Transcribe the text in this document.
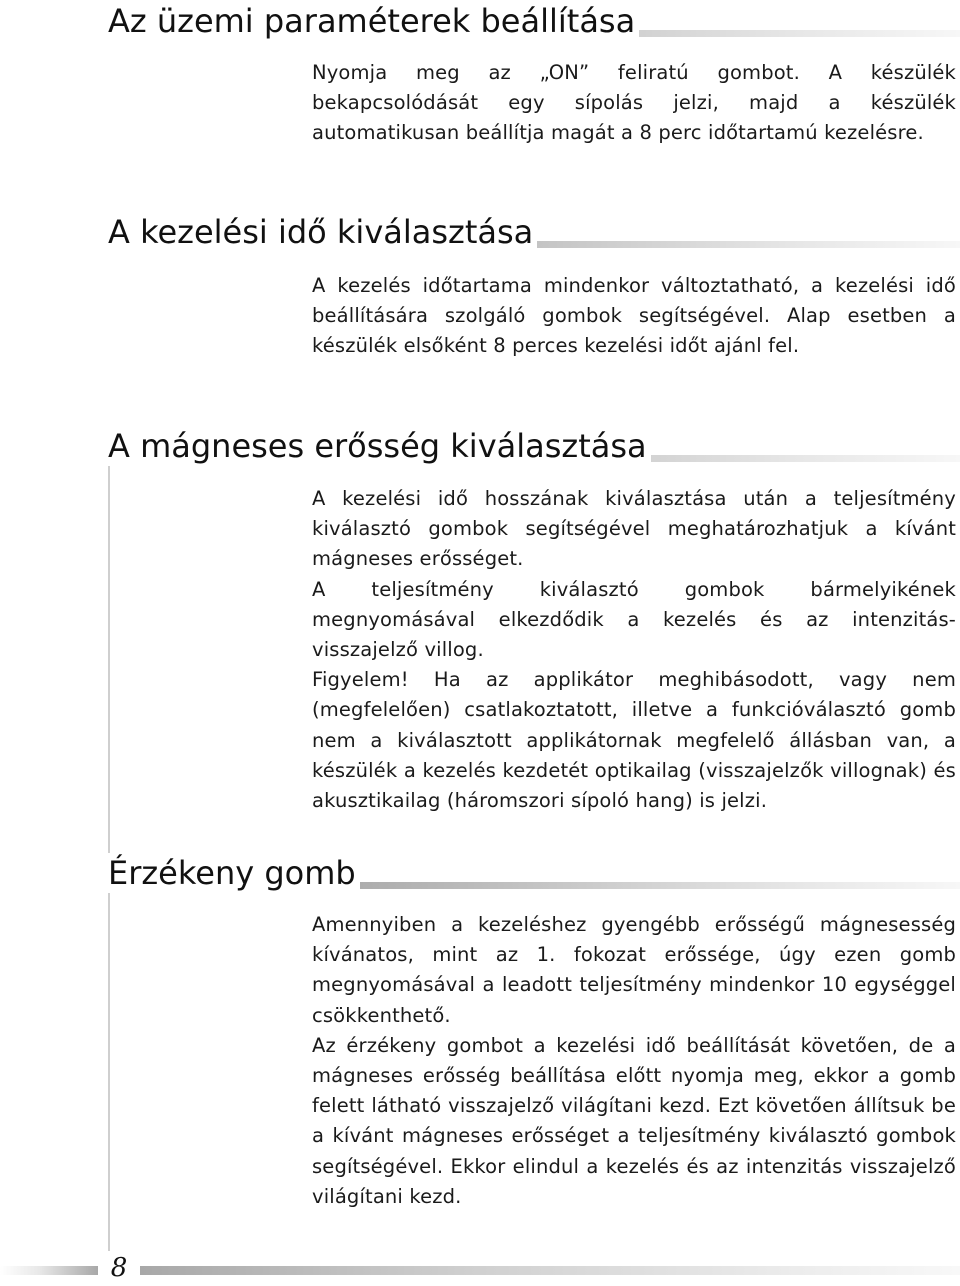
Az üzemi paraméterek beállítása
Nyomja meg az „ON” feliratú gombot. A készülék bekapcsolódását egy sípolás jelzi, majd a készülék automatikusan beállítja magát a 8 perc időtartamú kezelésre.
A kezelési idő kiválasztása
A kezelés időtartama mindenkor változtatható, a kezelési idő beállítására szolgáló gombok segítségével. Alap esetben a készülék elsőként 8 perces kezelési időt ajánl fel.
A mágneses erősség kiválasztása
A kezelési idő hosszának kiválasztása után a teljesítmény kiválasztó gombok segítségével meghatározhatjuk a kívánt mágneses erősséget.
A teljesítmény kiválasztó gombok bármelyikének megnyomásával elkezdődik a kezelés és az intenzitás-visszajelző villog.
Figyelem! Ha az applikátor meghibásodott, vagy nem (megfelelően) csatlakoztatott, illetve a funkcióválasztó gomb nem a kiválasztott applikátornak megfelelő állásban van, a készülék a kezelés kezdetét optikailag (visszajelzők villognak) és akusztikailag (háromszori sípoló hang) is jelzi.
Érzékeny gomb
Amennyiben a kezeléshez gyengébb erősségű mágnesesség kívánatos, mint az 1. fokozat erőssége, úgy ezen gomb megnyomásával a leadott teljesítmény mindenkor 10 egységgel csökkenthető.
Az érzékeny gombot a kezelési idő beállítását követően, de a mágneses erősség beállítása előtt nyomja meg, ekkor a gomb felett látható visszajelző világítani kezd. Ezt követően állítsuk be a kívánt mágneses erősséget a teljesítmény kiválasztó gombok segítségével. Ekkor elindul a kezelés és az intenzitás visszajelző világítani kezd.
8
